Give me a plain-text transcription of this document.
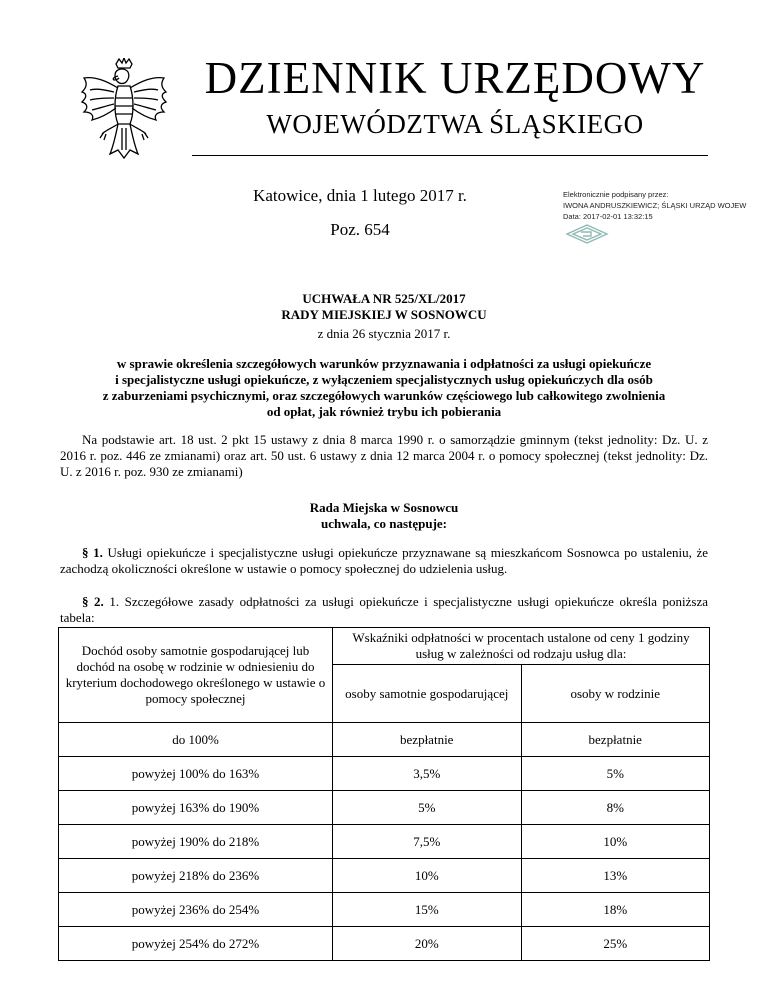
DZIENNIK URZĘDOWY
WOJEWÓDZTWA ŚLĄSKIEGO
Katowice, dnia 1 lutego 2017 r.
Poz. 654
Elektronicznie podpisany przez:
IWONA ANDRUSZKIEWICZ; ŚLĄSKI URZĄD WOJEW
Data: 2017-02-01 13:32:15
UCHWAŁA NR 525/XL/2017
RADY MIEJSKIEJ W SOSNOWCU
z dnia 26 stycznia 2017 r.
w sprawie określenia szczegółowych warunków przyznawania i odpłatności za usługi opiekuńcze
i specjalistyczne usługi opiekuńcze, z wyłączeniem specjalistycznych usług opiekuńczych dla osób
z zaburzeniami psychicznymi, oraz szczegółowych warunków częściowego lub całkowitego zwolnienia
od opłat, jak również trybu ich pobierania
Na podstawie art. 18 ust. 2 pkt 15 ustawy z dnia 8 marca 1990 r. o samorządzie gminnym (tekst jednolity: Dz. U. z 2016 r. poz. 446 ze zmianami) oraz art. 50 ust. 6 ustawy z dnia 12 marca 2004 r. o pomocy społecznej (tekst jednolity: Dz. U. z 2016 r. poz. 930 ze zmianami)
Rada Miejska w Sosnowcu
uchwala, co następuje:
§ 1. Usługi opiekuńcze i specjalistyczne usługi opiekuńcze przyznawane są mieszkańcom Sosnowca po ustaleniu, że zachodzą okoliczności określone w ustawie o pomocy społecznej do udzielenia usług.
§ 2. 1. Szczegółowe zasady odpłatności za usługi opiekuńcze i specjalistyczne usługi opiekuńcze określa poniższa tabela:
Dochód osoby samotnie gospodarującej lub dochód na osobę w rodzinie w odniesieniu do kryterium dochodowego określonego w ustawie o pomocy społecznej	Wskaźniki odpłatności w procentach ustalone od ceny 1 godziny usług w zależności od rodzaju usług dla:	
	osoby samotnie gospodarującej	osoby w rodzinie
do 100%	bezpłatnie	bezpłatnie
powyżej 100% do 163%	3,5%	5%
powyżej 163% do 190%	5%	8%
powyżej 190% do 218%	7,5%	10%
powyżej 218% do 236%	10%	13%
powyżej 236% do 254%	15%	18%
powyżej 254% do 272%	20%	25%
